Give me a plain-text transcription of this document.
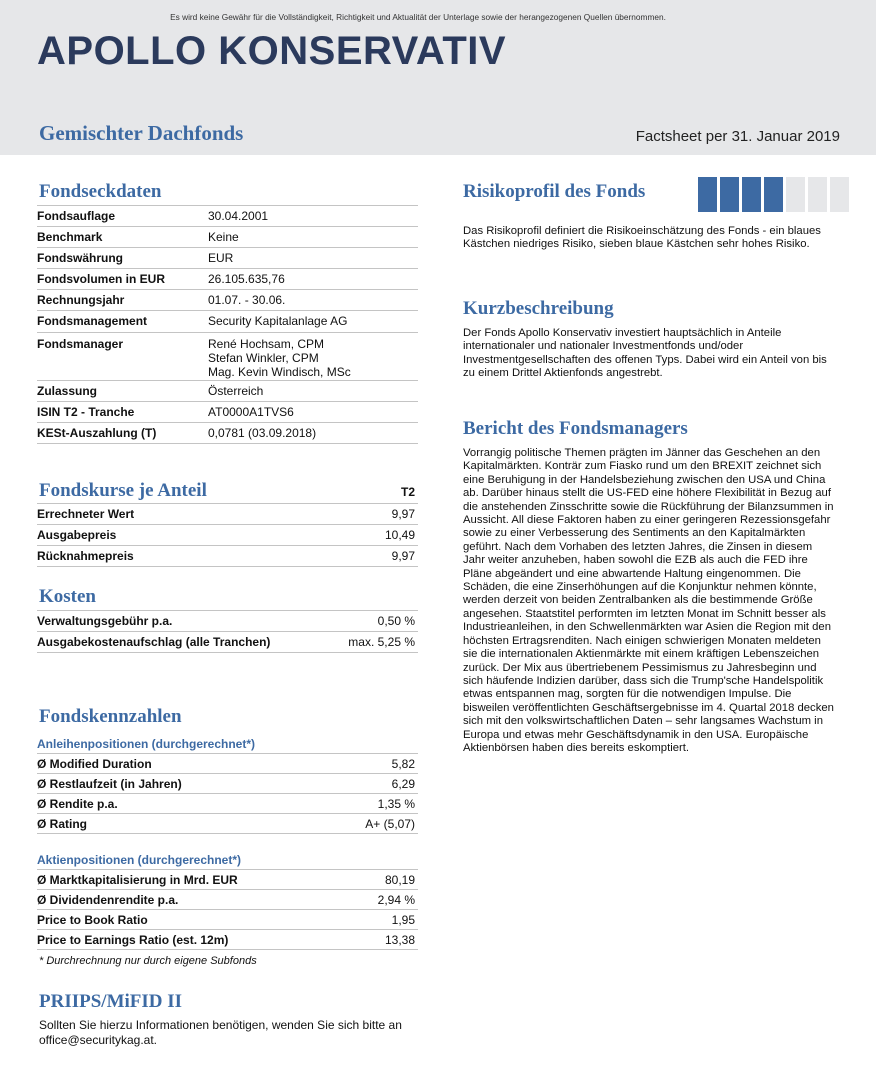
Es wird keine Gewähr für die Vollständigkeit, Richtigkeit und Aktualität der Unterlage sowie der herangezogenen Quellen übernommen.
APOLLO KONSERVATIV
Gemischter Dachfonds	Factsheet per 31. Januar 2019
Fondseckdaten
Fondsauflage	30.04.2001
Benchmark	Keine
Fondswährung	EUR
Fondsvolumen in EUR	26.105.635,76
Rechnungsjahr	01.07. - 30.06.
Fondsmanagement	Security Kapitalanlage AG
Fondsmanager	René Hochsam, CPM
Stefan Winkler, CPM
Mag. Kevin Windisch, MSc
Zulassung	Österreich
ISIN T2 - Tranche	AT0000A1TVS6
KESt-Auszahlung (T)	0,0781 (03.09.2018)
Fondskurse je Anteil	T2
Errechneter Wert	9,97
Ausgabepreis	10,49
Rücknahmepreis	9,97
Kosten
Verwaltungsgebühr p.a.	0,50 %
Ausgabekostenaufschlag (alle Tranchen)	max. 5,25 %
Fondskennzahlen
Anleihenpositionen (durchgerechnet*)
Ø Modified Duration	5,82
Ø Restlaufzeit (in Jahren)	6,29
Ø Rendite p.a.	1,35 %
Ø Rating	A+ (5,07)
Aktienpositionen (durchgerechnet*)
Ø Marktkapitalisierung in Mrd. EUR	80,19
Ø Dividendenrendite p.a.	2,94 %
Price to Book Ratio	1,95
Price to Earnings Ratio (est. 12m)	13,38
* Durchrechnung nur durch eigene Subfonds
PRIIPS/MiFID II
Sollten Sie hierzu Informationen benötigen, wenden Sie sich bitte an office@securitykag.at.
Risikoprofil des Fonds
Das Risikoprofil definiert die Risikoeinschätzung des Fonds - ein blaues Kästchen niedriges Risiko, sieben blaue Kästchen sehr hohes Risiko.
Kurzbeschreibung
Der Fonds Apollo Konservativ investiert hauptsächlich in Anteile internationaler und nationaler Investmentfonds und/oder Investmentgesellschaften des offenen Typs. Dabei wird ein Anteil von bis zu einem Drittel Aktienfonds angestrebt.
Bericht des Fondsmanagers
Vorrangig politische Themen prägten im Jänner das Geschehen an den Kapitalmärkten. Konträr zum Fiasko rund um den BREXIT zeichnet sich eine Beruhigung in der Handelsbeziehung zwischen den USA und China ab. Darüber hinaus stellt die US-FED eine höhere Flexibilität in Bezug auf die anstehenden Zinsschritte sowie die Rückführung der Bilanzsummen in Aussicht. All diese Faktoren haben zu einer geringeren Rezessionsgefahr sowie zu einer Verbesserung des Sentiments an den Kapitalmärkten geführt. Nach dem Vorhaben des letzten Jahres, die Zinsen in diesem Jahr weiter anzuheben, haben sowohl die EZB als auch die FED ihre Pläne abgeändert und eine abwartende Haltung eingenommen. Die Schäden, die eine Zinserhöhungen auf die Konjunktur nehmen könnte, werden derzeit von beiden Zentralbanken als die bestimmende Größe angesehen. Staatstitel performten im letzten Monat im Schnitt besser als Industrieanleihen, in den Schwellenmärkten war Asien die Region mit den höchsten Ertragsrenditen. Nach einigen schwierigen Monaten meldeten sie die internationalen Aktienmärkte mit einem kräftigen Lebenszeichen zurück. Der Mix aus übertriebenem Pessimismus zu Jahresbeginn und sich häufende Indizien darüber, dass sich die Trump'sche Handelspolitik etwas entspannen mag, sorgten für die notwendigen Impulse. Die bisweilen veröffentlichten Geschäftsergebnisse im 4. Quartal 2018 decken sich mit den volkswirtschaftlichen Daten – sehr langsames Wachstum in Europa und etwas mehr Geschäftsdynamik in den USA. Europäische Aktienbörsen haben dies bereits eskomptiert.
